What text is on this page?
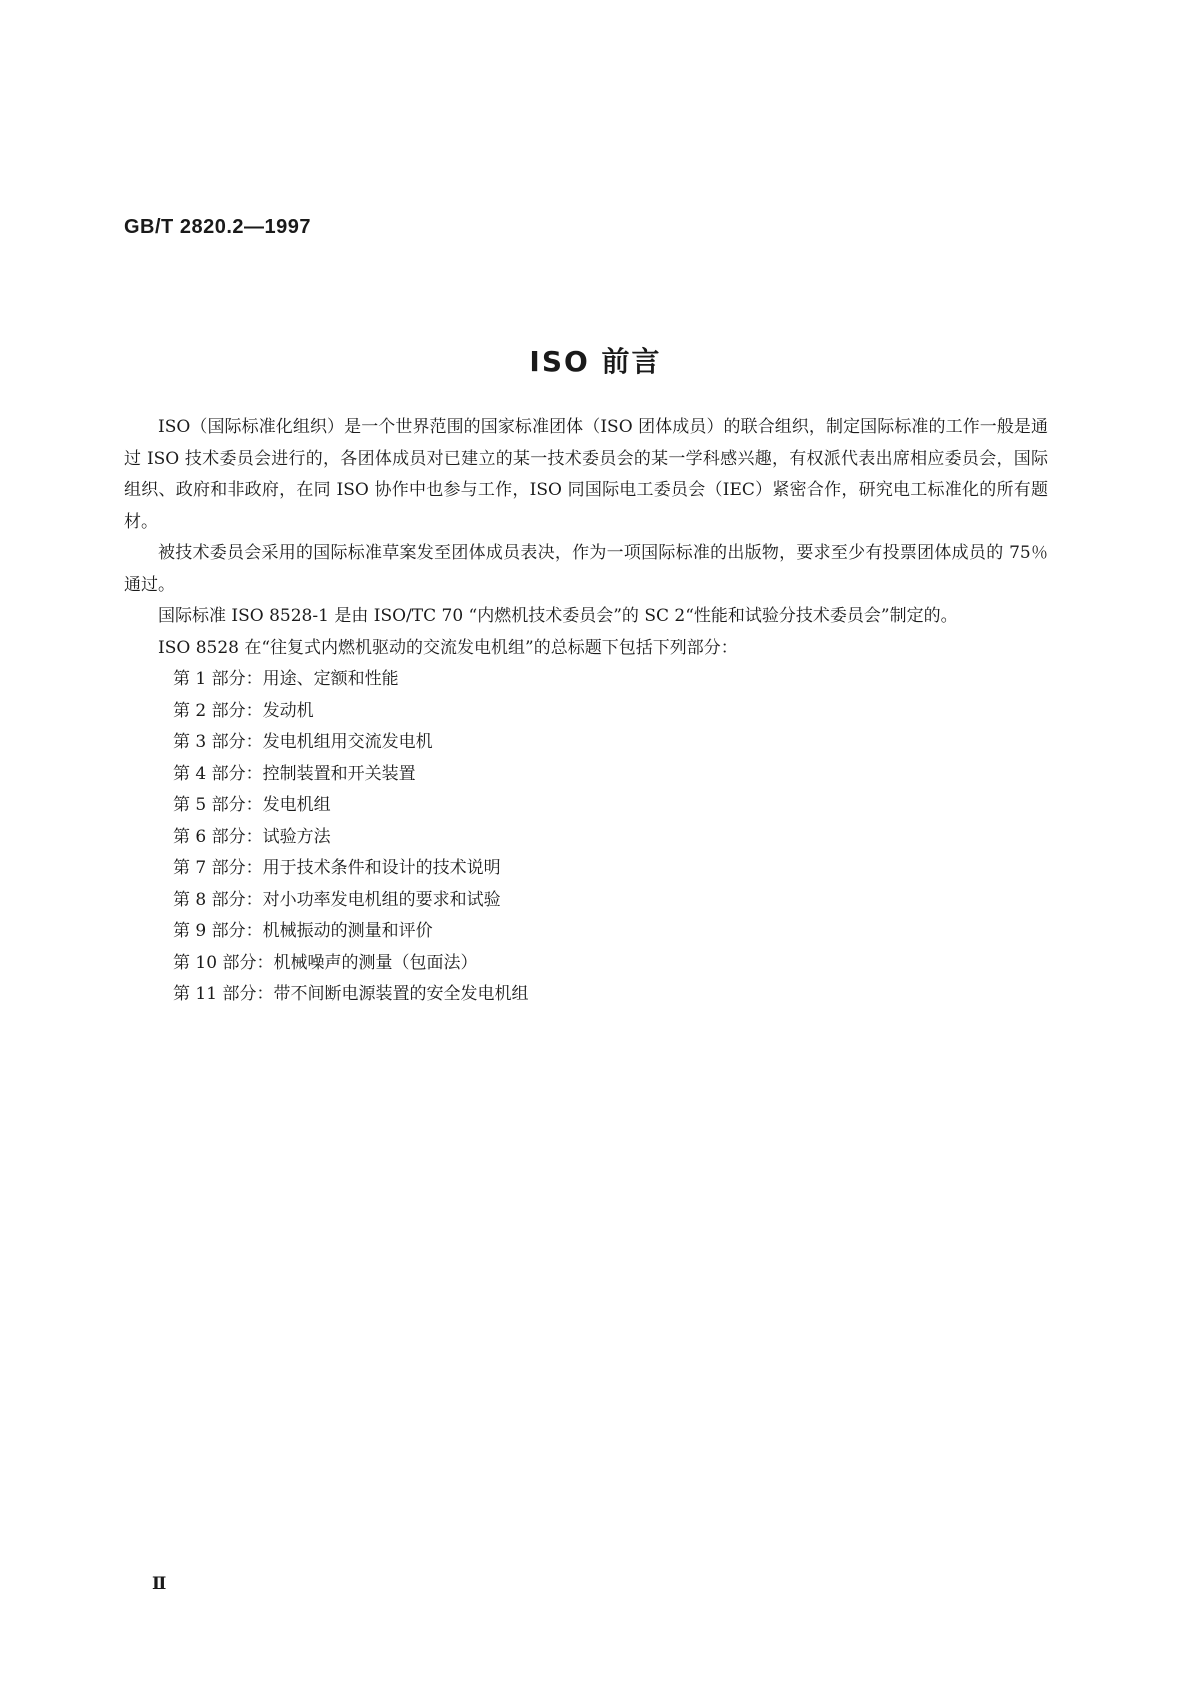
GB/T 2820.2—1997
ISO 前言

ISO（国际标准化组织）是一个世界范围的国家标准团体（ISO 团体成员）的联合组织，制定国际标准的工作一般是通过 ISO 技术委员会进行的，各团体成员对已建立的某一技术委员会的某一学科感兴趣，有权派代表出席相应委员会，国际组织、政府和非政府，在同 ISO 协作中也参与工作，ISO 同国际电工委员会（IEC）紧密合作，研究电工标准化的所有题材。

被技术委员会采用的国际标准草案发至团体成员表决，作为一项国际标准的出版物，要求至少有投票团体成员的 75％通过。

国际标准 ISO 8528-1 是由 ISO/TC 70 “内燃机技术委员会”的 SC 2“性能和试验分技术委员会”制定的。

ISO 8528 在“往复式内燃机驱动的交流发电机组”的总标题下包括下列部分：

第 1 部分：用途、定额和性能
第 2 部分：发动机
第 3 部分：发电机组用交流发电机
第 4 部分：控制装置和开关装置
第 5 部分：发电机组
第 6 部分：试验方法
第 7 部分：用于技术条件和设计的技术说明
第 8 部分：对小功率发电机组的要求和试验
第 9 部分：机械振动的测量和评价
第 10 部分：机械噪声的测量（包面法）
第 11 部分：带不间断电源装置的安全发电机组
Ⅱ
